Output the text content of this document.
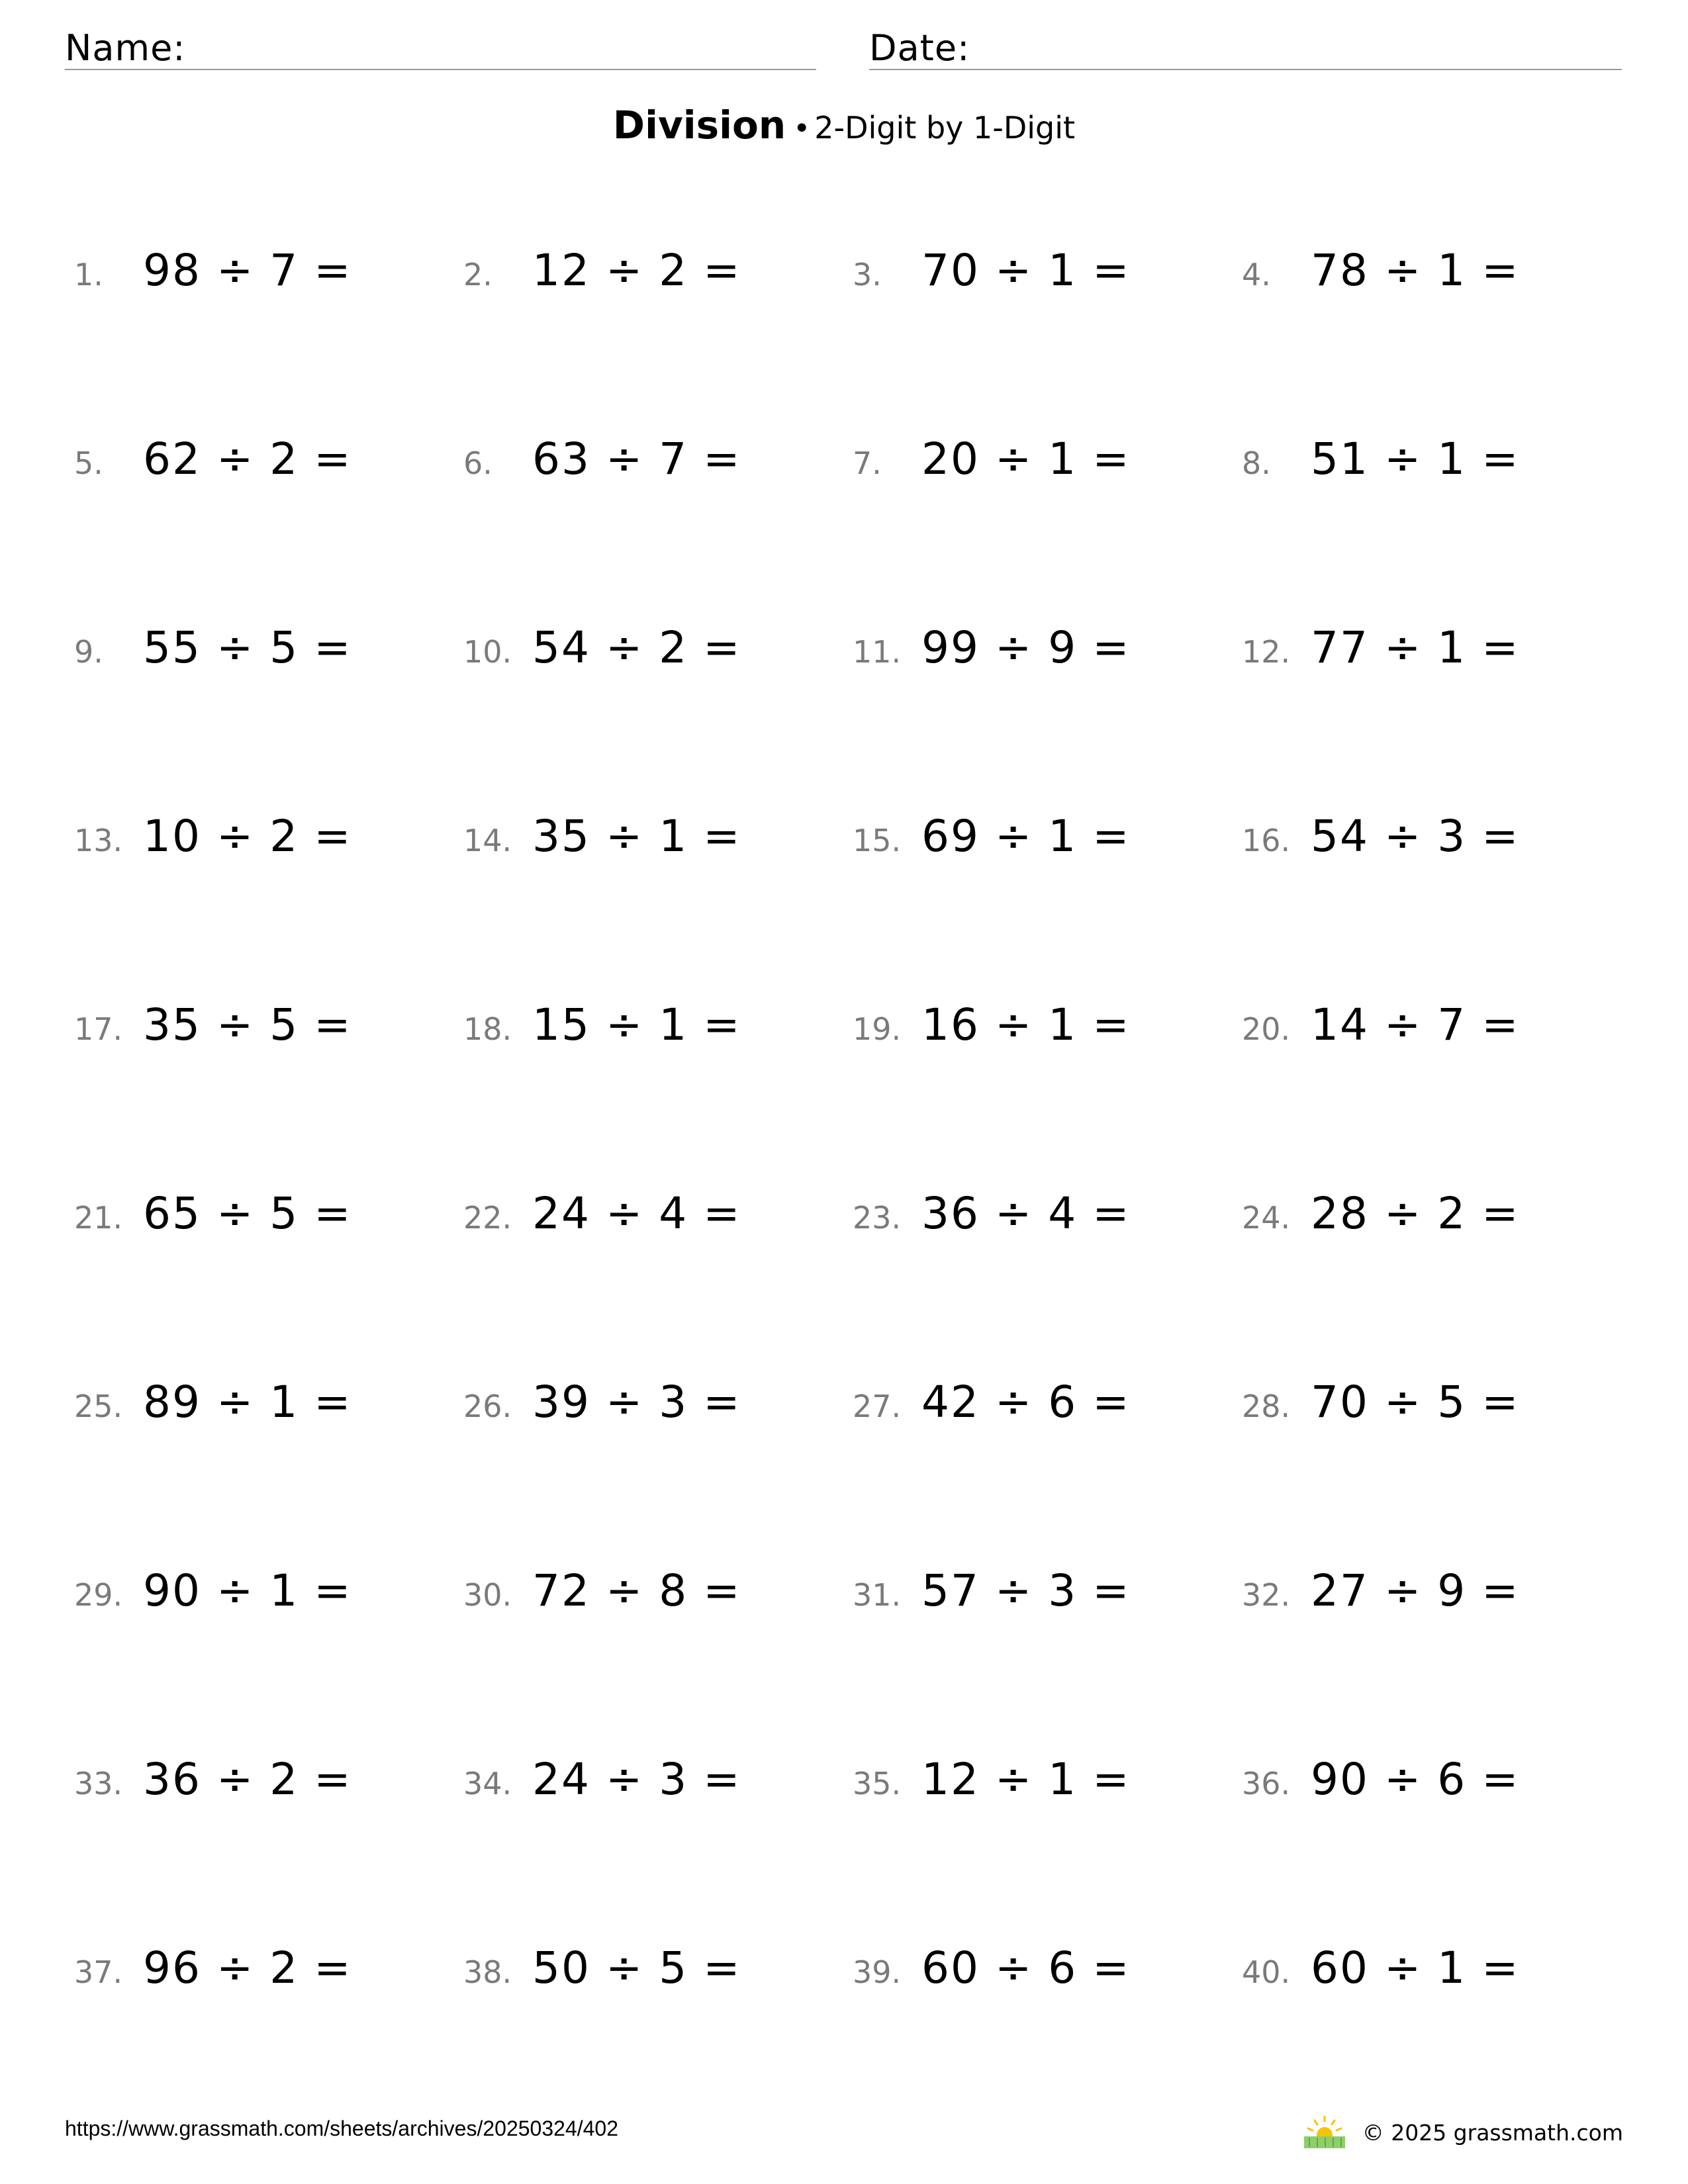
Name:	Date:
Division • 2-Digit by 1-Digit
1. 98 ÷ 7 =	2. 12 ÷ 2 =	3. 70 ÷ 1 =	4. 78 ÷ 1 =
5. 62 ÷ 2 =	6. 63 ÷ 7 =	7. 20 ÷ 1 =	8. 51 ÷ 1 =
9. 55 ÷ 5 =	10. 54 ÷ 2 =	11. 99 ÷ 9 =	12. 77 ÷ 1 =
13. 10 ÷ 2 =	14. 35 ÷ 1 =	15. 69 ÷ 1 =	16. 54 ÷ 3 =
17. 35 ÷ 5 =	18. 15 ÷ 1 =	19. 16 ÷ 1 =	20. 14 ÷ 7 =
21. 65 ÷ 5 =	22. 24 ÷ 4 =	23. 36 ÷ 4 =	24. 28 ÷ 2 =
25. 89 ÷ 1 =	26. 39 ÷ 3 =	27. 42 ÷ 6 =	28. 70 ÷ 5 =
29. 90 ÷ 1 =	30. 72 ÷ 8 =	31. 57 ÷ 3 =	32. 27 ÷ 9 =
33. 36 ÷ 2 =	34. 24 ÷ 3 =	35. 12 ÷ 1 =	36. 90 ÷ 6 =
37. 96 ÷ 2 =	38. 50 ÷ 5 =	39. 60 ÷ 6 =	40. 60 ÷ 1 =
https://www.grassmath.com/sheets/archives/20250324/402	© 2025 grassmath.com
